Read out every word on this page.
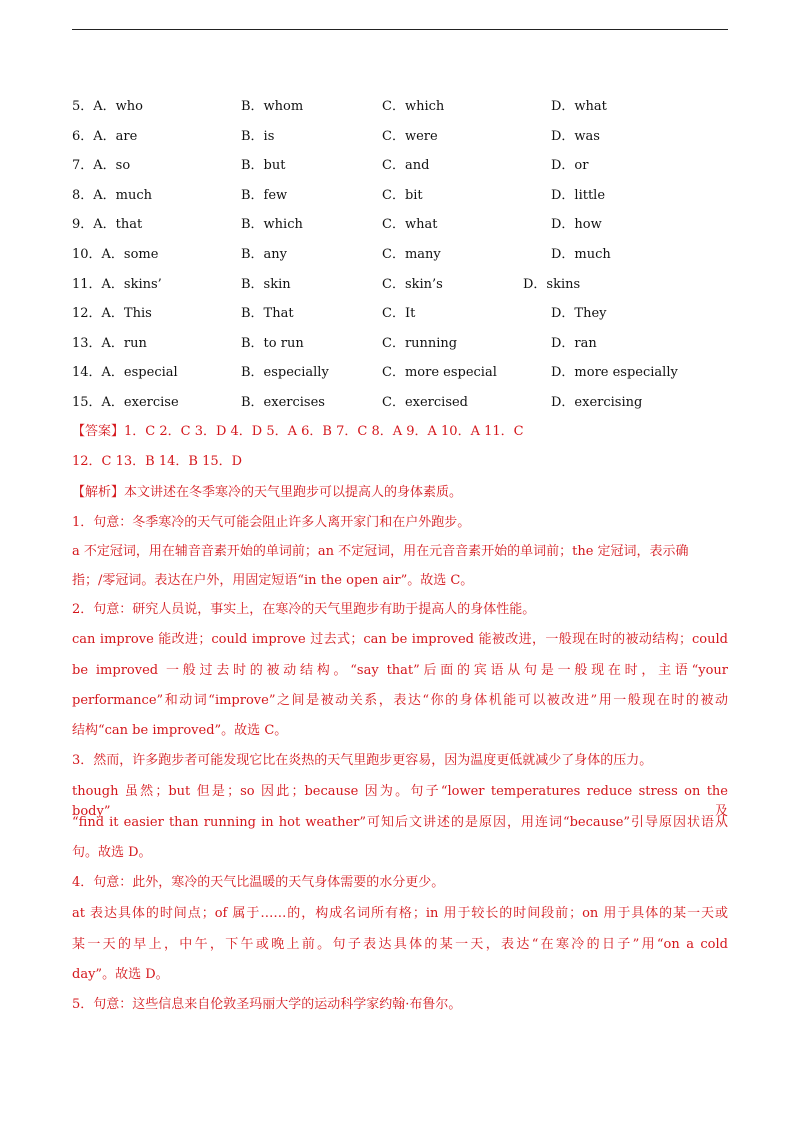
5．A．who	B．whom	C．which	D．what
6．A．are	B．is	C．were	D．was
7．A．so	B．but	C．and	D．or
8．A．much	B．few	C．bit	D．little
9．A．that	B．which	C．what	D．how
10．A．some	B．any	C．many	D．much
11．A．skins’	B．skin	C．skin’s	D．skins
12．A．This	B．That	C．It	D．They
13．A．run	B．to run	C．running	D．ran
14．A．especial	B．especially	C．more especial	D．more especially
15．A．exercise	B．exercises	C．exercised	D．exercising
【答案】1．C 2．C 3．D 4．D 5．A 6．B 7．C 8．A 9．A 10．A 11．C
12．C 13．B 14．B 15．D
【解析】本文讲述在冬季寒冷的天气里跑步可以提高人的身体素质。
1．句意：冬季寒冷的天气可能会阻止许多人离开家门和在户外跑步。
a 不定冠词，用在辅音音素开始的单词前；an 不定冠词，用在元音音素开始的单词前；the 定冠词，表示确
指；/零冠词。表达在户外，用固定短语“in the open air”。故选 C。
2．句意：研究人员说，事实上，在寒冷的天气里跑步有助于提高人的身体性能。
can improve 能改进；could improve 过去式；can be improved 能被改进，一般现在时的被动结构；could
be improved 一般过去时的被动结构。“say that”后面的宾语从句是一般现在时，主语“your
performance”和动词“improve”之间是被动关系，表达“你的身体机能可以被改进”用一般现在时的被动
结构“can be improved”。故选 C。
3．然而，许多跑步者可能发现它比在炎热的天气里跑步更容易，因为温度更低就减少了身体的压力。
though 虽然；but 但是；so 因此；because 因为。句子“lower temperatures reduce stress on the body”及
“find it easier than running in hot weather”可知后文讲述的是原因，用连词“because”引导原因状语从
句。故选 D。
4．句意：此外，寒冷的天气比温暖的天气身体需要的水分更少。
at 表达具体的时间点；of 属于……的，构成名词所有格；in 用于较长的时间段前；on 用于具体的某一天或
某一天的早上，中午，下午或晚上前。句子表达具体的某一天，表达“在寒冷的日子”用“on a cold
day”。故选 D。
5．句意：这些信息来自伦敦圣玛丽大学的运动科学家约翰·布鲁尔。
